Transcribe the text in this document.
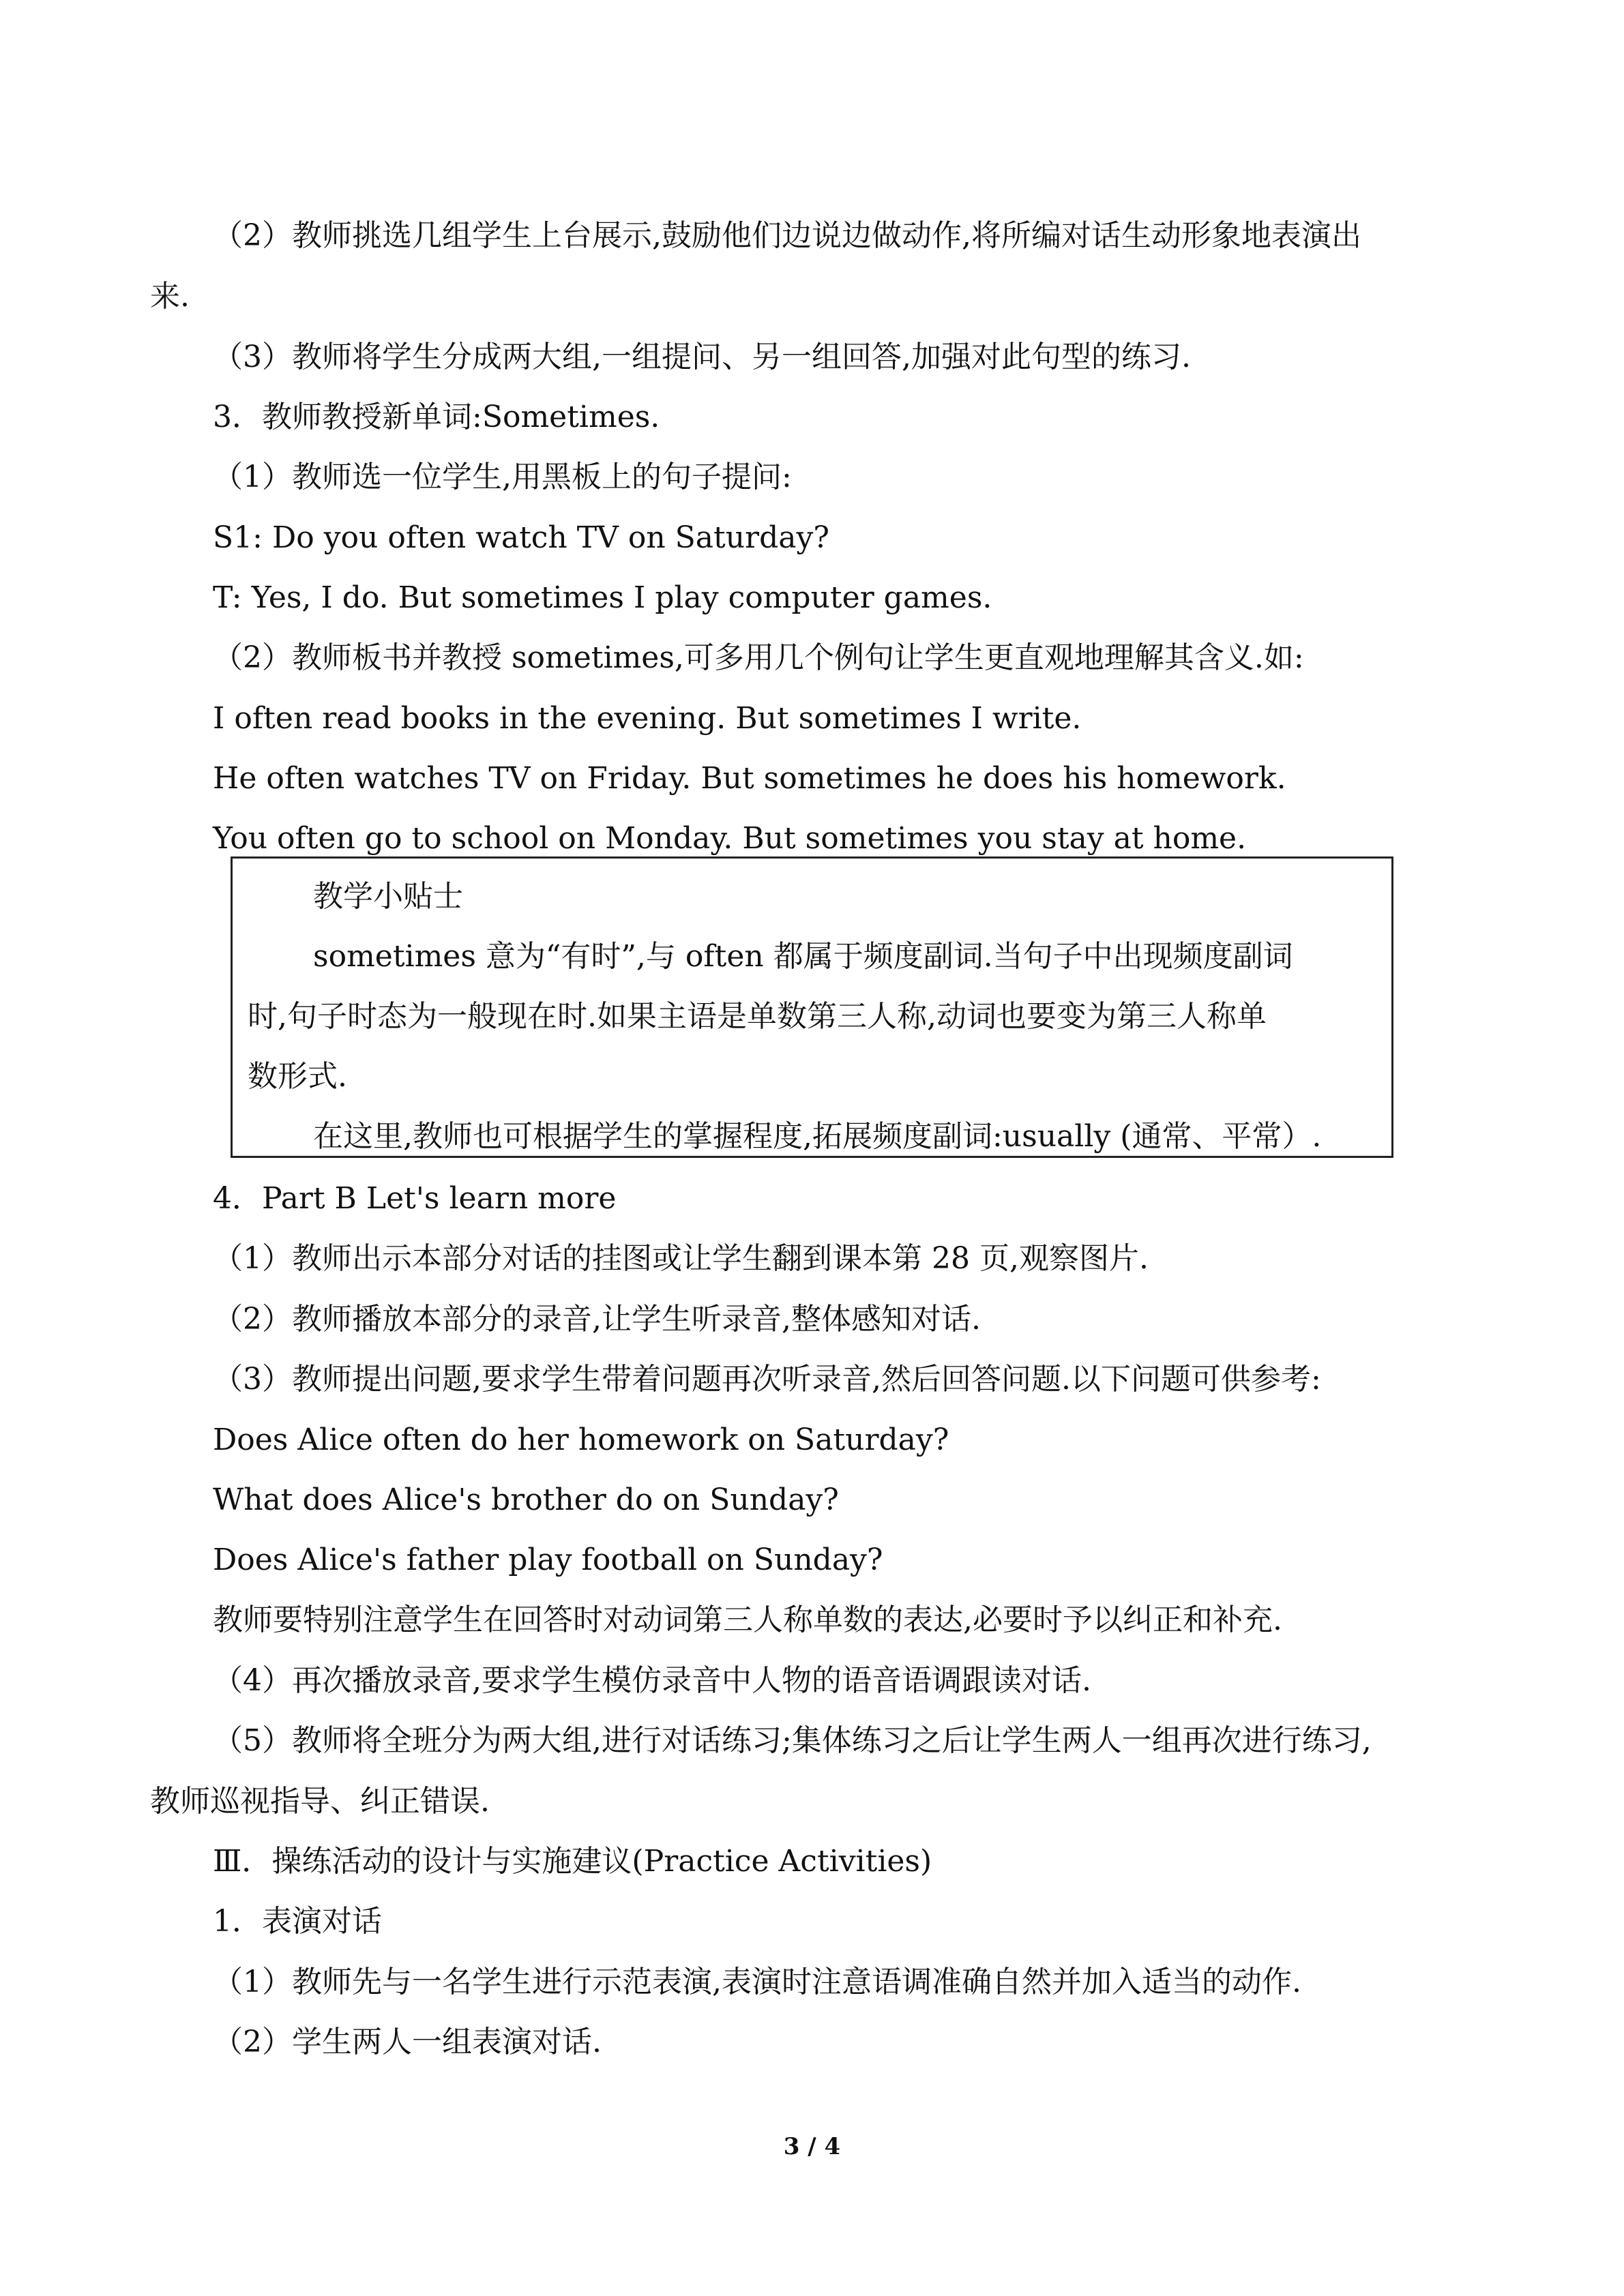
（2）教师挑选几组学生上台展示,鼓励他们边说边做动作,将所编对话生动形象地表演出
来.
（3）教师将学生分成两大组,一组提问、另一组回答,加强对此句型的练习.
3．教师教授新单词:Sometimes.
（1）教师选一位学生,用黑板上的句子提问:
S1: Do you often watch TV on Saturday?
T: Yes, I do. But sometimes I play computer games.
（2）教师板书并教授 sometimes,可多用几个例句让学生更直观地理解其含义.如:
I often read books in the evening. But sometimes I write.
He often watches TV on Friday. But sometimes he does his homework.
You often go to school on Monday. But sometimes you stay at home.
教学小贴士
sometimes 意为“有时”,与 often 都属于频度副词.当句子中出现频度副词
时,句子时态为一般现在时.如果主语是单数第三人称,动词也要变为第三人称单
数形式.
在这里,教师也可根据学生的掌握程度,拓展频度副词:usually (通常、平常）.
4．Part B Let's learn more
（1）教师出示本部分对话的挂图或让学生翻到课本第 28 页,观察图片.
（2）教师播放本部分的录音,让学生听录音,整体感知对话.
（3）教师提出问题,要求学生带着问题再次听录音,然后回答问题.以下问题可供参考:
Does Alice often do her homework on Saturday?
What does Alice's brother do on Sunday?
Does Alice's father play football on Sunday?
教师要特别注意学生在回答时对动词第三人称单数的表达,必要时予以纠正和补充.
（4）再次播放录音,要求学生模仿录音中人物的语音语调跟读对话.
（5）教师将全班分为两大组,进行对话练习;集体练习之后让学生两人一组再次进行练习,
教师巡视指导、纠正错误.
Ⅲ．操练活动的设计与实施建议(Practice Activities)
1．表演对话
（1）教师先与一名学生进行示范表演,表演时注意语调准确自然并加入适当的动作.
（2）学生两人一组表演对话.
3 / 4
